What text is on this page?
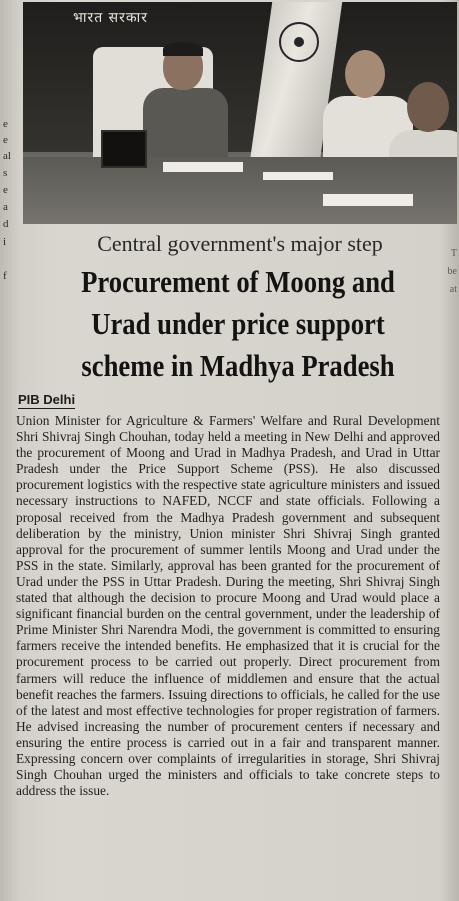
e
e
al
s
e
a
d
i
f
T
be
at
भारत सरकार
Central government's major step
Procurement of Moong and Urad under price support scheme in Madhya Pradesh
PIB Delhi

Union Minister for Agriculture & Farmers' Welfare and Rural Development Shri Shivraj Singh Chouhan, today held a meeting in New Delhi and approved the procurement of Moong and Urad in Madhya Pradesh, and Urad in Uttar Pradesh under the Price Support Scheme (PSS). He also discussed procurement logistics with the respective state agriculture ministers and issued necessary instructions to NAFED, NCCF and state officials. Following a proposal received from the Madhya Pradesh government and subsequent deliberation by the ministry, Union minister Shri Shivraj Singh granted approval for the procurement of summer lentils Moong and Urad under the PSS in the state. Similarly, approval has been granted for the procurement of Urad under the PSS in Uttar Pradesh. During the meeting, Shri Shivraj Singh stated that although the decision to procure Moong and Urad would place a significant financial burden on the central government, under the leadership of Prime Minister Shri Narendra Modi, the government is committed to ensuring farmers receive the intended benefits. He emphasized that it is crucial for the procurement process to be carried out properly. Direct procurement from farmers will reduce the influence of middlemen and ensure that the actual benefit reaches the farmers. Issuing directions to officials, he called for the use of the latest and most effective technologies for proper registration of farmers. He advised increasing the number of procurement centers if necessary and ensuring the entire process is carried out in a fair and transparent manner. Expressing concern over complaints of irregularities in storage, Shri Shivraj Singh Chouhan urged the ministers and officials to take concrete steps to address the issue.
